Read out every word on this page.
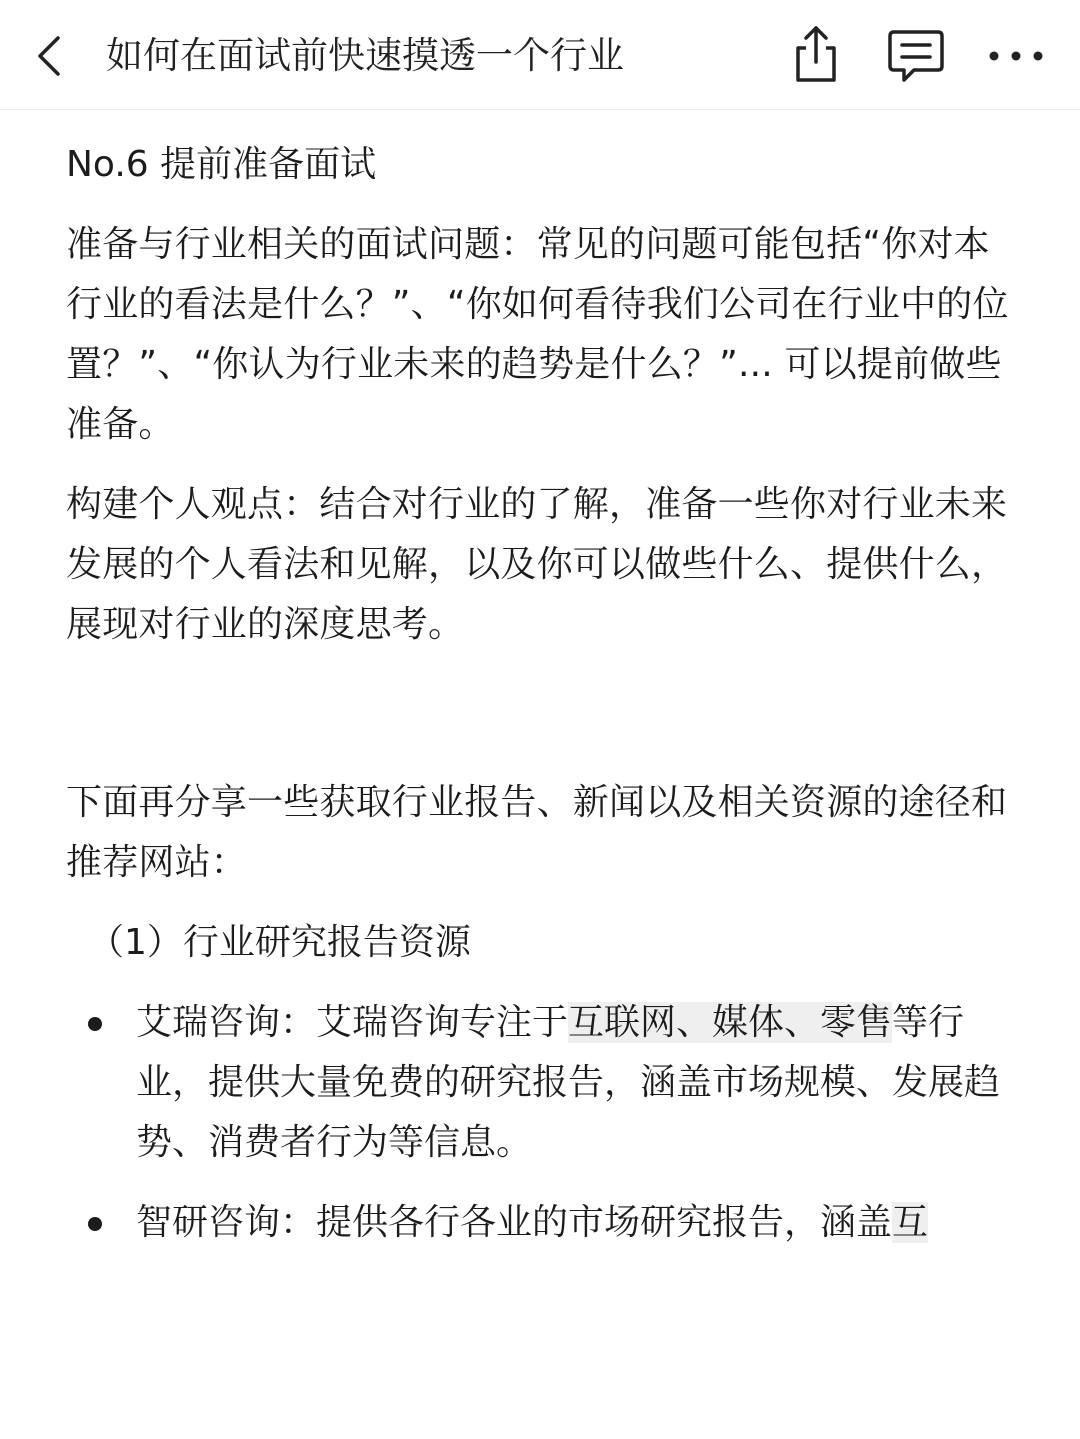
如何在面试前快速摸透一个行业
No.6 提前准备面试

准备与行业相关的面试问题：常见的问题可能包括“你对本行业的看法是什么？”、“你如何看待我们公司在行业中的位置？”、“你认为行业未来的趋势是什么？”... 可以提前做些准备。

构建个人观点：结合对行业的了解，准备一些你对行业未来发展的个人看法和见解，以及你可以做些什么、提供什么，展现对行业的深度思考。

下面再分享一些获取行业报告、新闻以及相关资源的途径和推荐网站：

（1）行业研究报告资源

艾瑞咨询：艾瑞咨询专注于互联网、媒体、零售等行业，提供大量免费的研究报告，涵盖市场规模、发展趋势、消费者行为等信息。
智研咨询：提供各行各业的市场研究报告，涵盖互
